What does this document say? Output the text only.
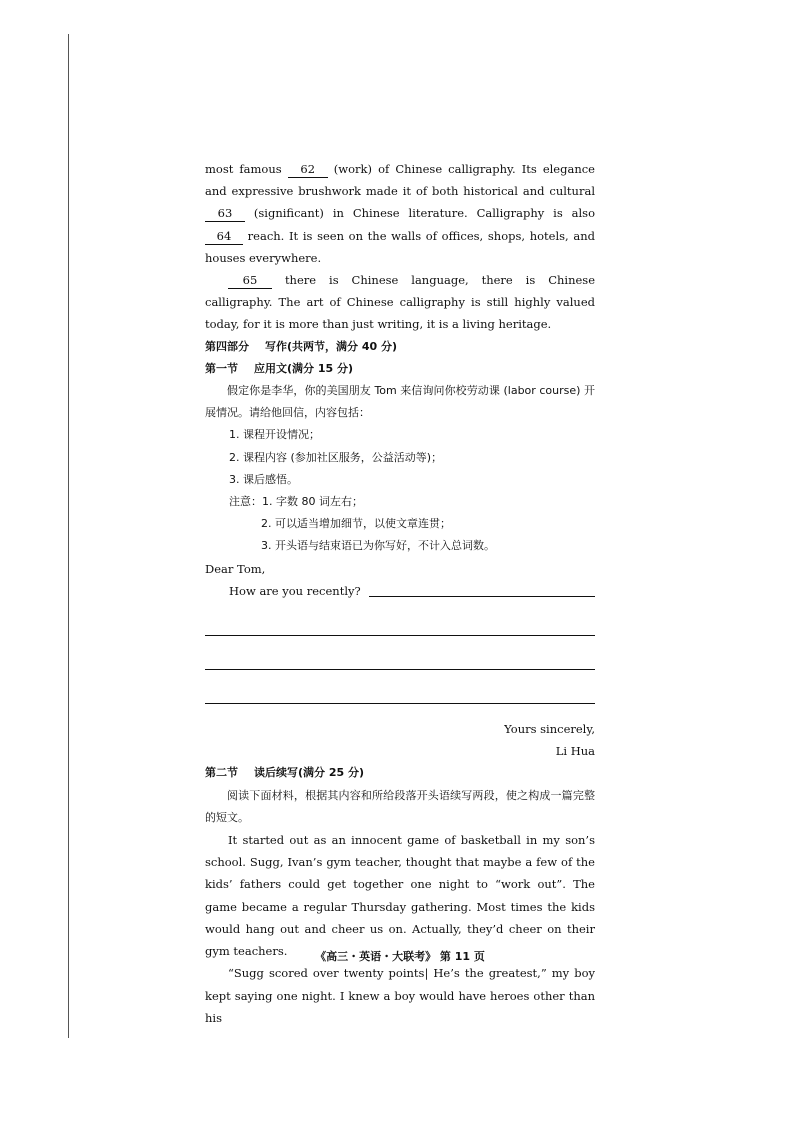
most famous 62 (work) of Chinese calligraphy. Its elegance and expressive brushwork made it of both historical and cultural 63 (significant) in Chinese literature. Calligraphy is also 64 reach. It is seen on the walls of offices, shops, hotels, and houses everywhere.

65 there is Chinese language, there is Chinese calligraphy. The art of Chinese calligraphy is still highly valued today, for it is more than just writing, it is a living heritage.

第四部分 写作(共两节，满分 40 分)

第一节 应用文(满分 15 分)

假定你是李华，你的美国朋友 Tom 来信询问你校劳动课 (labor course) 开展情况。请给他回信，内容包括：

1. 课程开设情况；

2. 课程内容 (参加社区服务，公益活动等)；

3. 课后感悟。

注意：1. 字数 80 词左右；

2. 可以适当增加细节，以使文章连贯；

3. 开头语与结束语已为你写好，不计入总词数。

Dear Tom,

How are you recently?

Yours sincerely,

Li Hua

第二节 读后续写(满分 25 分)

阅读下面材料，根据其内容和所给段落开头语续写两段，使之构成一篇完整的短文。

It started out as an innocent game of basketball in my son’s school. Sugg, Ivan’s gym teacher, thought that maybe a few of the kids’ fathers could get together one night to “work out”. The game became a regular Thursday gathering. Most times the kids would hang out and cheer us on. Actually, they’d cheer on their gym teachers.

“Sugg scored over twenty points| He’s the greatest,” my boy kept saying one night. I knew a boy would have heroes other than his

《高三・英语・大联考》 第 11 页
